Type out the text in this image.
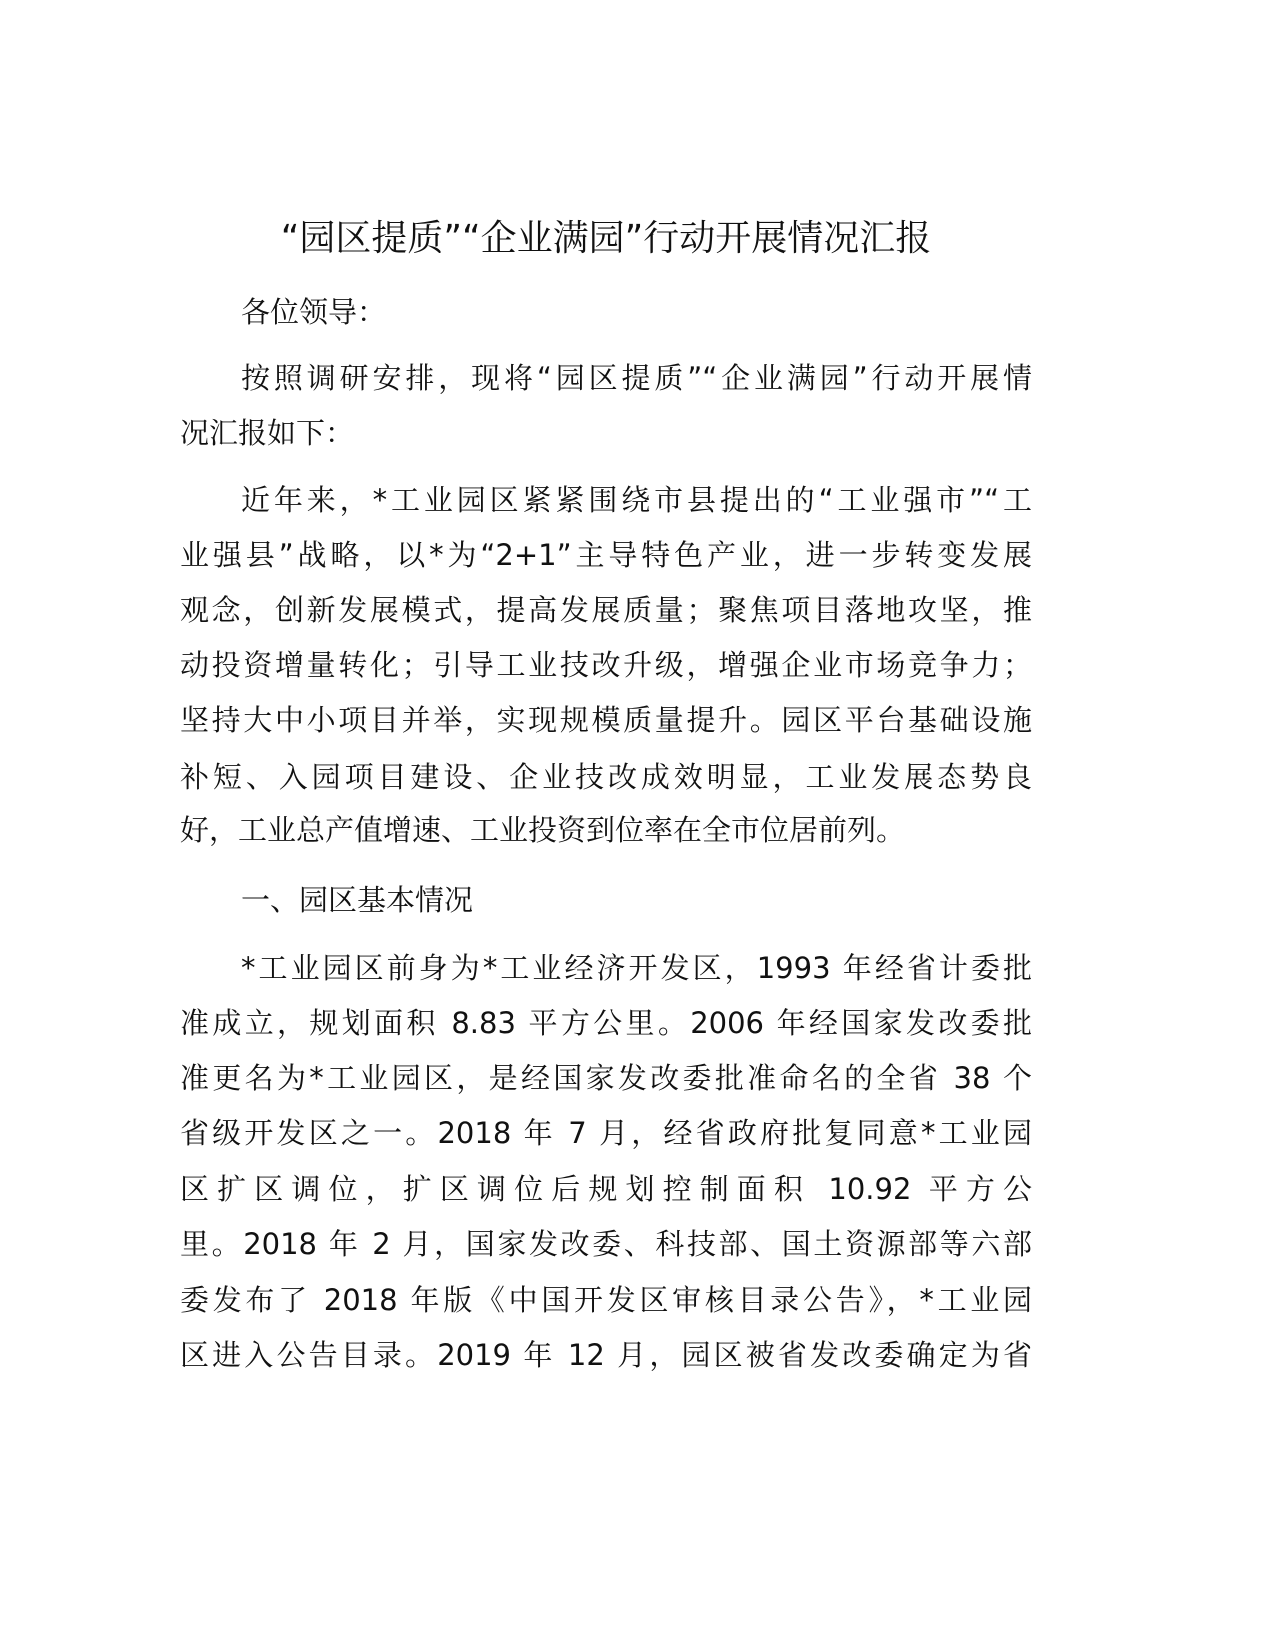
“园区提质”“企业满园”行动开展情况汇报
各位领导：
按照调研安排，现将“园区提质”“企业满园”行动开展情
况汇报如下：
近年来，*工业园区紧紧围绕市县提出的“工业强市”“工
业强县”战略，以*为“2+1”主导特色产业，进一步转变发展
观念，创新发展模式，提高发展质量；聚焦项目落地攻坚，推
动投资增量转化；引导工业技改升级，增强企业市场竞争力；
坚持大中小项目并举，实现规模质量提升。园区平台基础设施
补短、入园项目建设、企业技改成效明显，工业发展态势良
好，工业总产值增速、工业投资到位率在全市位居前列。
一、园区基本情况
*工业园区前身为*工业经济开发区，1993 年经省计委批
准成立，规划面积 8.83 平方公里。2006 年经国家发改委批
准更名为*工业园区，是经国家发改委批准命名的全省 38 个
省级开发区之一。2018 年 7 月，经省政府批复同意*工业园
区扩区调位，扩区调位后规划控制面积 10.92 平方公
里。2018 年 2 月，国家发改委、科技部、国土资源部等六部
委发布了 2018 年版《中国开发区审核目录公告》，*工业园
区进入公告目录。2019 年 12 月，园区被省发改委确定为省
